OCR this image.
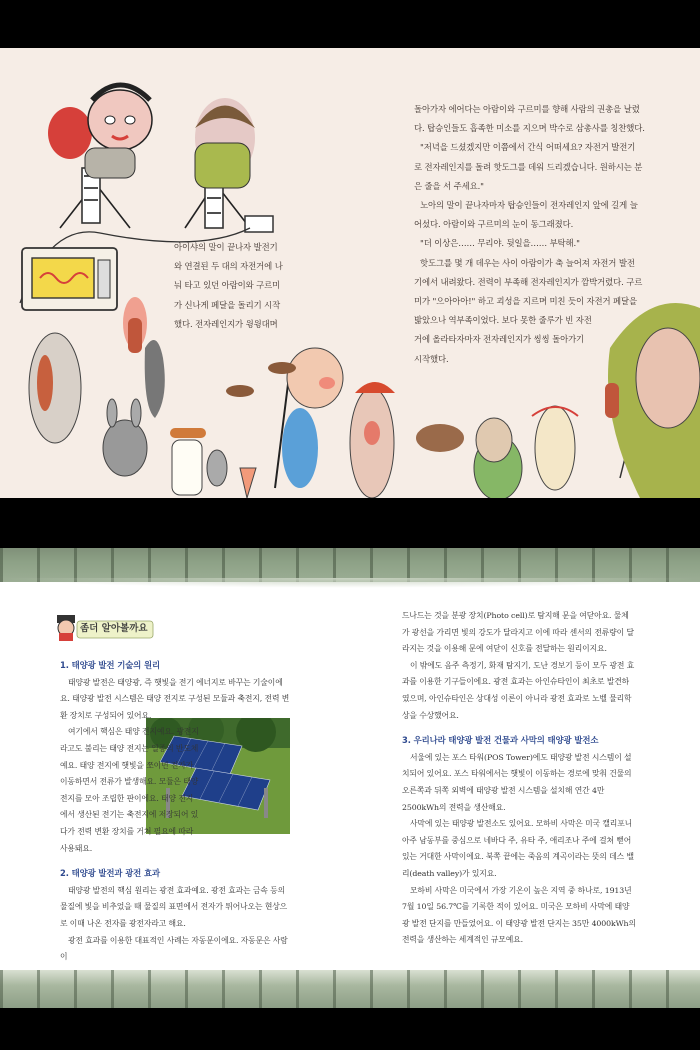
아이샤의 말이 끝나자 발전기

와 연결된 두 대의 자전거에 나

눠 타고 있던 아람이와 구르미

가 신나게 페달을 돌리기 시작

했다. 전자레인지가 윙윙대며

돌아가자 에어다는 아람이와 구르미를 향해 사람의 권총을 날렸

다. 탑승인들도 흡족한 미소를 지으며 박수로 삼총사를 칭찬했다.

"저녁을 드셨겠지만 이쯤에서 간식 어떠세요? 자전거 발전기

로 전자레인지를 돌려 핫도그를 데워 드리겠습니다. 원하시는 분

은 줄을 서 주세요."

노아의 말이 끝나자마자 탑승인들이 전자레인지 앞에 길게 늘

어섰다. 아람이와 구르미의 눈이 동그래졌다.

"더 이상은…… 무리야. 뒷일을…… 부탁해."

핫도그를 몇 개 데우는 사이 아람이가 축 늘어져 자전거 발전

기에서 내려왔다. 전력이 부족해 전자레인지가 깜박거렸다. 구르

미가 "으아아아!" 하고 괴성을 지르며 미친 듯이 자전거 페달을

밟았으나 역부족이었다. 보다 못한 줄루가 빈 자전

거에 올라타자마자 전자레인지가 씽씽 돌아가기

시작했다.

좀더 알아볼까요
1. 태양광 발전 기술의 원리

태양광 발전은 태양광, 즉 햇빛을 전기 에너지로 바꾸는 기술이에요. 태양광 발전 시스템은 태양 전지로 구성된 모듈과 축전지, 전력 변환 장치로 구성되어 있어요.

여기에서 핵심은 태양 전지예요. 광전지라고도 불리는 태양 전지는 일종의 반도체예요. 태양 전지에 햇빛을 쪼이면 전자가 이동하면서 전류가 발생해요. 모듈은 태양 전지를 모아 조립한 판이에요. 태양 전지에서 생산된 전기는 축전지에 저장되어 있다가 전력 변환 장치를 거쳐 필요에 따라 사용돼요.

2. 태양광 발전과 광전 효과

태양광 발전의 핵심 원리는 광전 효과예요. 광전 효과는 금속 등의 물질에 빛을 비추었을 때 물질의 표면에서 전자가 튀어나오는 현상으로 이때 나온 전자를 광전자라고 해요.

광전 효과를 이용한 대표적인 사례는 자동문이에요. 자동문은 사람이

드나드는 것을 분광 장치(Photo cell)로 탐지해 문을 여닫아요. 물체가 광선을 가리면 빛의 강도가 달라지고 이에 따라 센서의 전류량이 달라지는 것을 이용해 문에 여닫이 신호를 전달하는 원리이지요.

이 밖에도 음주 측정기, 화재 탐지기, 도난 경보기 등이 모두 광전 효과를 이용한 기구들이에요. 광전 효과는 아인슈타인이 최초로 발견하였으며, 아인슈타인은 상대성 이론이 아니라 광전 효과로 노벨 물리학상을 수상했어요.

3. 우리나라 태양광 발전 건물과 사막의 태양광 발전소

서울에 있는 포스 타워(POS Tower)에도 태양광 발전 시스템이 설치되어 있어요. 포스 타워에서는 햇빛이 이동하는 경로에 맞춰 건물의 오른쪽과 뒤쪽 외벽에 태양광 발전 시스템을 설치해 연간 4만 2500kWh의 전력을 생산해요.

사막에 있는 태양광 발전소도 있어요. 모하비 사막은 미국 캘리포니아주 남동부를 중심으로 네바다 주, 유타 주, 애리조나 주에 걸쳐 뻗어 있는 거대한 사막이에요. 북쪽 끝에는 죽음의 계곡이라는 뜻의 데스 밸리(death valley)가 있지요.

모하비 사막은 미국에서 가장 기온이 높은 지역 중 하나로, 1913년 7월 10일 56.7℃를 기록한 적이 있어요. 미국은 모하비 사막에 태양광 발전 단지를 만들었어요. 이 태양광 발전 단지는 35만 4000kWh의 전력을 생산하는 세계적인 규모예요.
